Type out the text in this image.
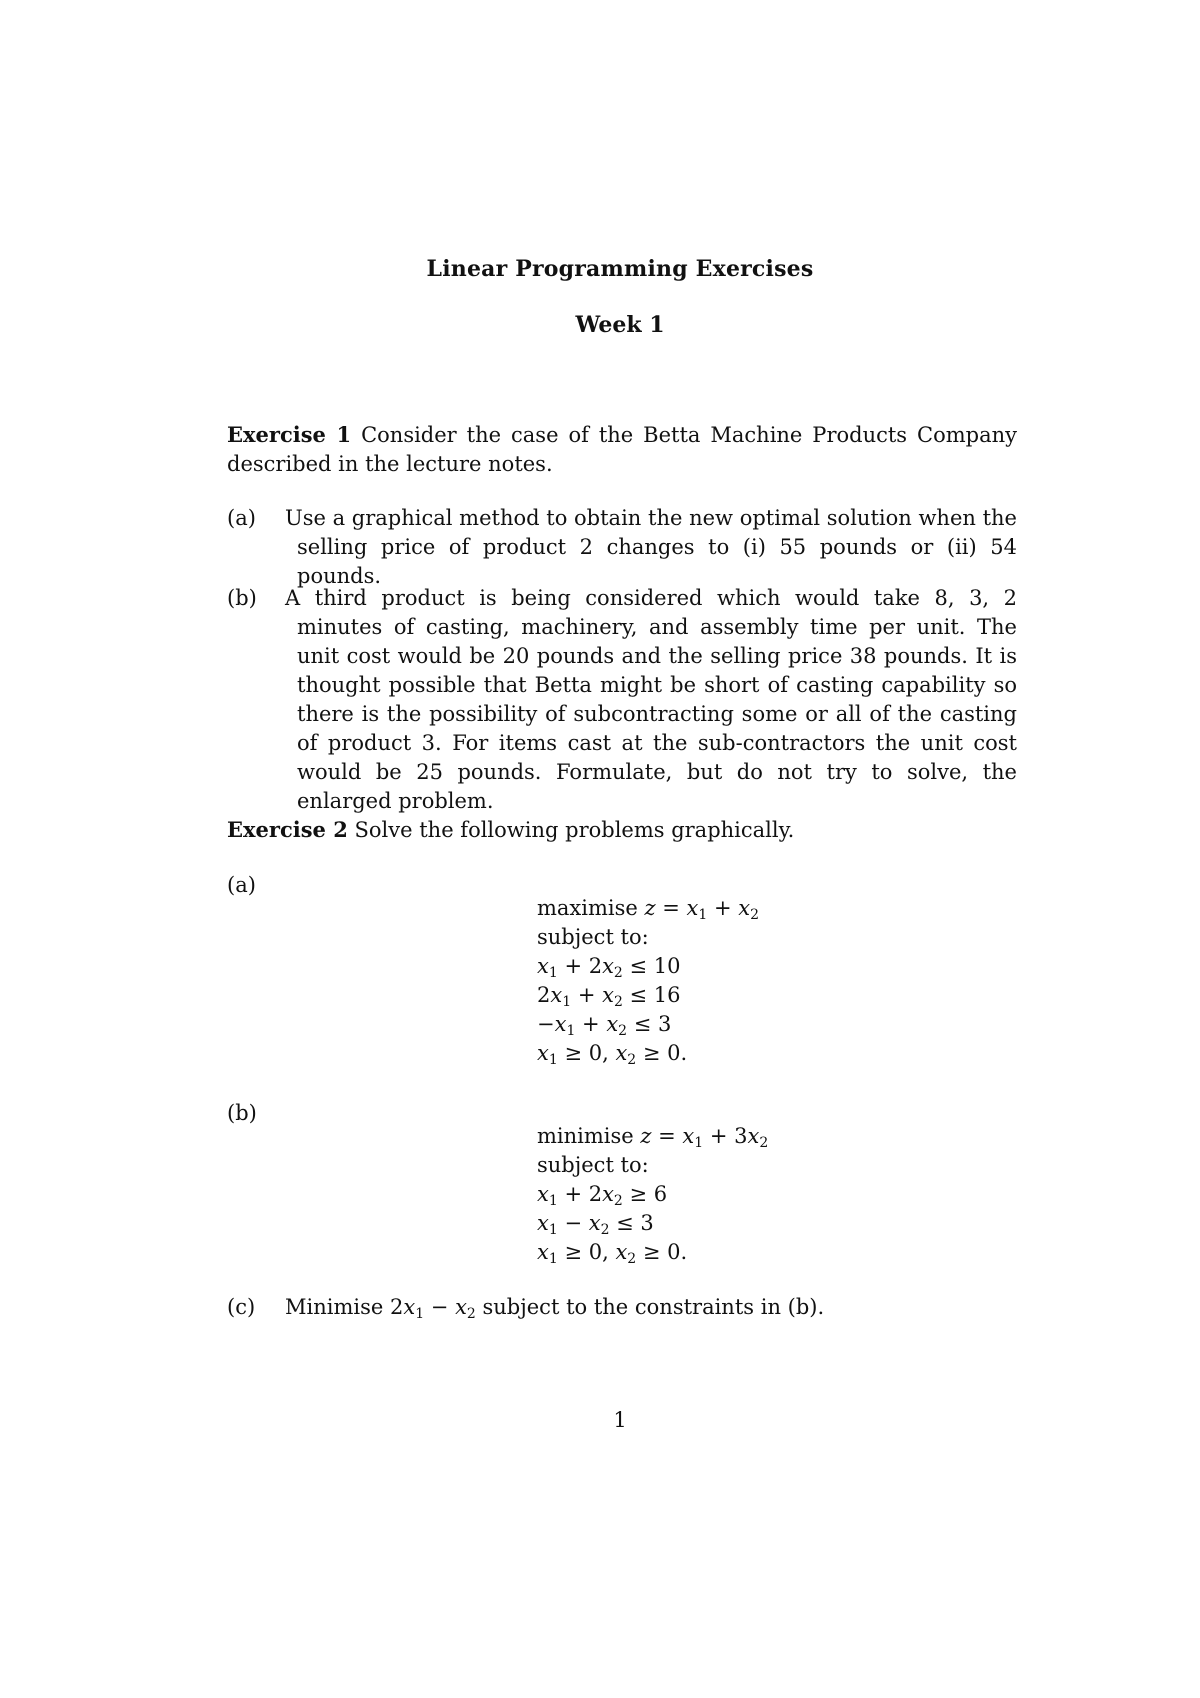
Linear Programming Exercises
Week 1
Exercise 1 Consider the case of the Betta Machine Products Company described in the lecture notes.
(a) Use a graphical method to obtain the new optimal solution when the selling price of product 2 changes to (i) 55 pounds or (ii) 54 pounds.
(b) A third product is being considered which would take 8, 3, 2 minutes of casting, machinery, and assembly time per unit. The unit cost would be 20 pounds and the selling price 38 pounds. It is thought possible that Betta might be short of casting capability so there is the possibility of subcontracting some or all of the casting of product 3. For items cast at the sub-contractors the unit cost would be 25 pounds. Formulate, but do not try to solve, the enlarged problem.
Exercise 2 Solve the following problems graphically.
(a)
maximise $z = x_1 + x_2$
subject to:
$x_1 + 2x_2 \le 10$
$2x_1 + x_2 \le 16$
$-x_1 + x_2 \le 3$
$x_1 \ge 0$, $x_2 \ge 0$.
(b)
minimise $z = x_1 + 3x_2$
subject to:
$x_1 + 2x_2 \ge 6$
$x_1 - x_2 \le 3$
$x_1 \ge 0$, $x_2 \ge 0$.
(c) Minimise $2x_1 - x_2$ subject to the constraints in (b).
1
